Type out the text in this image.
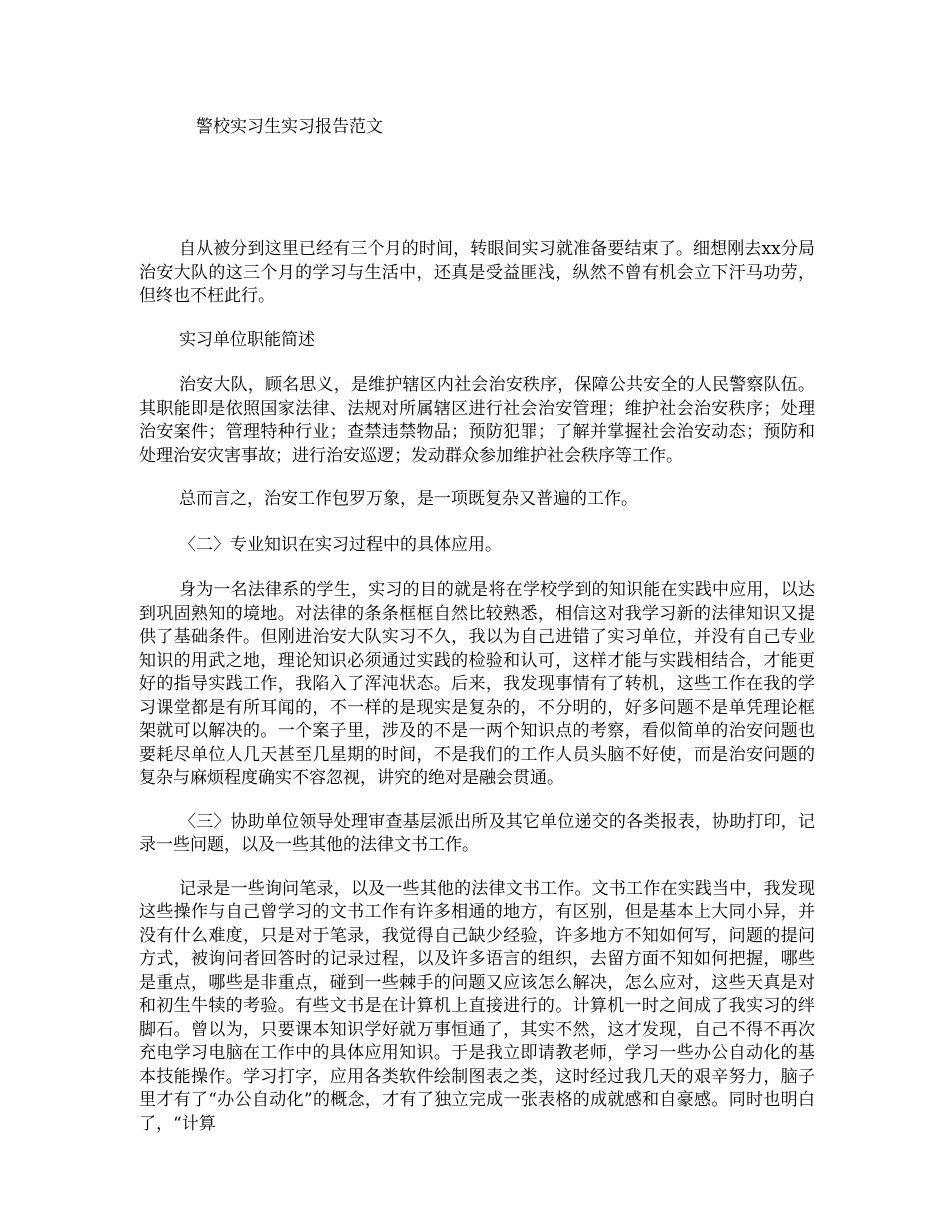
警校实习生实习报告范文

自从被分到这里已经有三个月的时间，转眼间实习就准备要结束了。细想刚去xx分局治安大队的这三个月的学习与生活中，还真是受益匪浅，纵然不曾有机会立下汗马功劳，但终也不枉此行。

实习单位职能简述

治安大队，顾名思义，是维护辖区内社会治安秩序，保障公共安全的人民警察队伍。其职能即是依照国家法律、法规对所属辖区进行社会治安管理；维护社会治安秩序；处理治安案件；管理特种行业；查禁违禁物品；预防犯罪；了解并掌握社会治安动态；预防和处理治安灾害事故；进行治安巡逻；发动群众参加维护社会秩序等工作。

总而言之，治安工作包罗万象，是一项既复杂又普遍的工作。

〈二〉专业知识在实习过程中的具体应用。

身为一名法律系的学生，实习的目的就是将在学校学到的知识能在实践中应用，以达到巩固熟知的境地。对法律的条条框框自然比较熟悉，相信这对我学习新的法律知识又提供了基础条件。但刚进治安大队实习不久，我以为自己进错了实习单位，并没有自己专业知识的用武之地，理论知识必须通过实践的检验和认可，这样才能与实践相结合，才能更好的指导实践工作，我陷入了浑沌状态。后来，我发现事情有了转机，这些工作在我的学习课堂都是有所耳闻的，不一样的是现实是复杂的，不分明的，好多问题不是单凭理论框架就可以解决的。一个案子里，涉及的不是一两个知识点的考察，看似简单的治安问题也要耗尽单位人几天甚至几星期的时间，不是我们的工作人员头脑不好使，而是治安问题的复杂与麻烦程度确实不容忽视，讲究的绝对是融会贯通。

〈三〉协助单位领导处理审查基层派出所及其它单位递交的各类报表，协助打印，记录一些问题，以及一些其他的法律文书工作。

记录是一些询问笔录，以及一些其他的法律文书工作。文书工作在实践当中，我发现这些操作与自己曾学习的文书工作有许多相通的地方，有区别，但是基本上大同小异，并没有什么难度，只是对于笔录，我觉得自己缺少经验，许多地方不知如何写，问题的提问方式，被询问者回答时的记录过程，以及许多语言的组织，去留方面不知如何把握，哪些是重点，哪些是非重点，碰到一些棘手的问题又应该怎么解决，怎么应对，这些天真是对和初生牛犊的考验。有些文书是在计算机上直接进行的。计算机一时之间成了我实习的绊脚石。曾以为，只要课本知识学好就万事恒通了，其实不然，这才发现，自己不得不再次充电学习电脑在工作中的具体应用知识。于是我立即请教老师，学习一些办公自动化的基本技能操作。学习打字，应用各类软件绘制图表之类，这时经过我几天的艰辛努力，脑子里才有了“办公自动化”的概念，才有了独立完成一张表格的成就感和自豪感。同时也明白了，“计算
